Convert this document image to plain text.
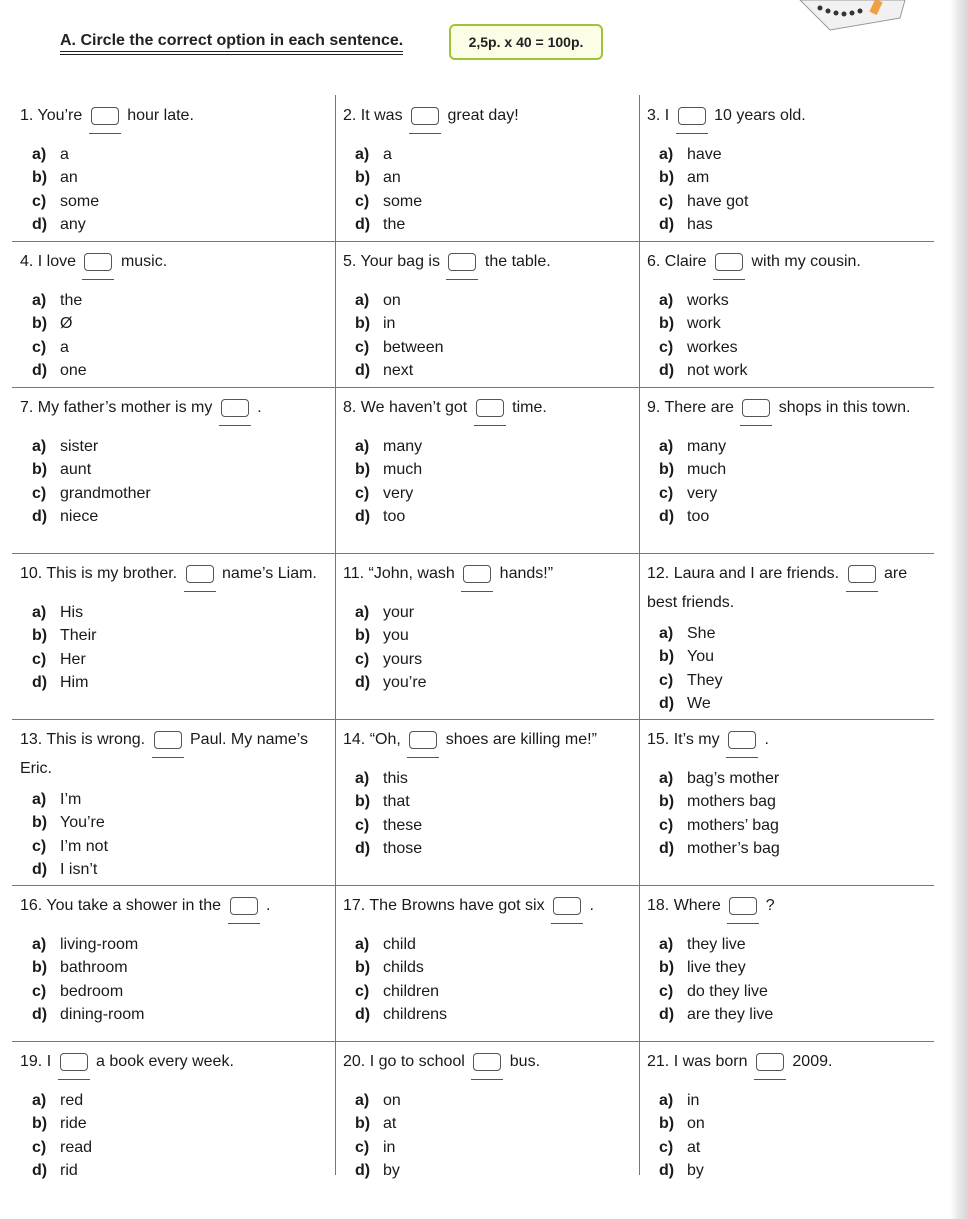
A. Circle the correct option in each sentence.	2,5p. x 40 = 100p.
1. You’re	hour late.
a) a
b) an
c) some
d) any
2. It was	great day!
a) a
b) an
c) some
d) the
3. I	10 years old.
a) have
b) am
c) have got
d) has
4. I love	music.
a) the
b) Ø
c) a
d) one
5. Your bag is	the table.
a) on
b) in
c) between
d) next
6. Claire	with my cousin.
a) works
b) work
c) workes
d) not work
7. My father’s mother is my	.
a) sister
b) aunt
c) grandmother
d) niece
8. We haven’t got	time.
a) many
b) much
c) very
d) too
9. There are	shops in this town.
a) many
b) much
c) very
d) too
10. This is my brother.	name’s Liam.
a) His
b) Their
c) Her
d) Him
11. “John, wash	hands!”
a) your
b) you
c) yours
d) you’re
12. Laura and I are friends.	are best friends.
a) She
b) You
c) They
d) We
13. This is wrong.	Paul. My name’s Eric.
a) I’m
b) You’re
c) I’m not
d) I isn’t
14. “Oh,	shoes are killing me!”
a) this
b) that
c) these
d) those
15. It’s my	.
a) bag’s mother
b) mothers bag
c) mothers’ bag
d) mother’s bag
16. You take a shower in the	.
a) living-room
b) bathroom
c) bedroom
d) dining-room
17. The Browns have got six	.
a) child
b) childs
c) children
d) childrens
18. Where	?
a) they live
b) live they
c) do they live
d) are they live
19. I	a book every week.
a) red
b) ride
c) read
d) rid
20. I go to school	bus.
a) on
b) at
c) in
d) by
21. I was born	2009.
a) in
b) on
c) at
d) by
